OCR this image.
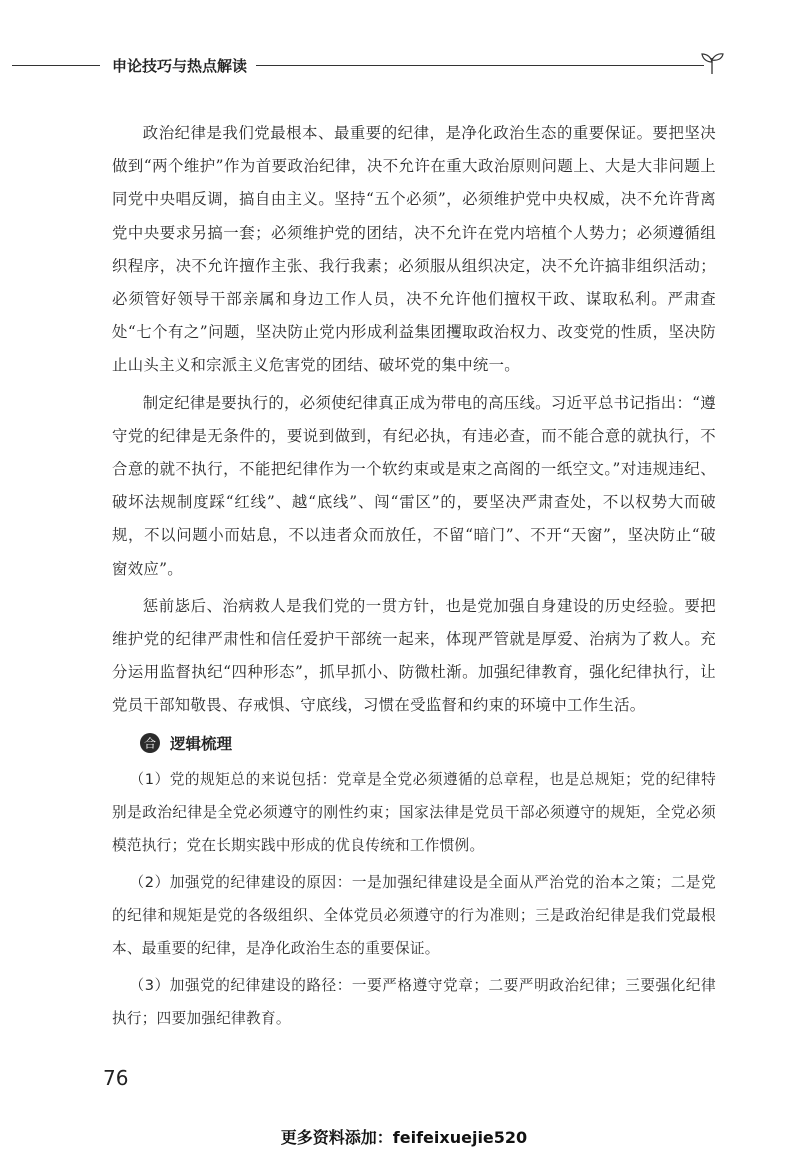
申论技巧与热点解读

政治纪律是我们党最根本、最重要的纪律，是净化政治生态的重要保证。要把坚决做到“两个维护”作为首要政治纪律，决不允许在重大政治原则问题上、大是大非问题上同党中央唱反调，搞自由主义。坚持“五个必须”，必须维护党中央权威，决不允许背离党中央要求另搞一套；必须维护党的团结，决不允许在党内培植个人势力；必须遵循组织程序，决不允许擅作主张、我行我素；必须服从组织决定，决不允许搞非组织活动；必须管好领导干部亲属和身边工作人员，决不允许他们擅权干政、谋取私利。严肃查处“七个有之”问题，坚决防止党内形成利益集团攫取政治权力、改变党的性质，坚决防止山头主义和宗派主义危害党的团结、破坏党的集中统一。

制定纪律是要执行的，必须使纪律真正成为带电的高压线。习近平总书记指出：“遵守党的纪律是无条件的，要说到做到，有纪必执，有违必查，而不能合意的就执行，不合意的就不执行，不能把纪律作为一个软约束或是束之高阁的一纸空文。”对违规违纪、破坏法规制度踩“红线”、越“底线”、闯“雷区”的，要坚决严肃查处，不以权势大而破规，不以问题小而姑息，不以违者众而放任，不留“暗门”、不开“天窗”，坚决防止“破窗效应”。

惩前毖后、治病救人是我们党的一贯方针，也是党加强自身建设的历史经验。要把维护党的纪律严肃性和信任爱护干部统一起来，体现严管就是厚爱、治病为了救人。充分运用监督执纪“四种形态”，抓早抓小、防微杜渐。加强纪律教育，强化纪律执行，让党员干部知敬畏、存戒惧、守底线，习惯在受监督和约束的环境中工作生活。

合 逻辑梳理

（1）党的规矩总的来说包括：党章是全党必须遵循的总章程，也是总规矩；党的纪律特别是政治纪律是全党必须遵守的刚性约束；国家法律是党员干部必须遵守的规矩，全党必须模范执行；党在长期实践中形成的优良传统和工作惯例。

（2）加强党的纪律建设的原因：一是加强纪律建设是全面从严治党的治本之策；二是党的纪律和规矩是党的各级组织、全体党员必须遵守的行为准则；三是政治纪律是我们党最根本、最重要的纪律，是净化政治生态的重要保证。

（3）加强党的纪律建设的路径：一要严格遵守党章；二要严明政治纪律；三要强化纪律执行；四要加强纪律教育。

76
更多资料添加：feifeixuejie520
